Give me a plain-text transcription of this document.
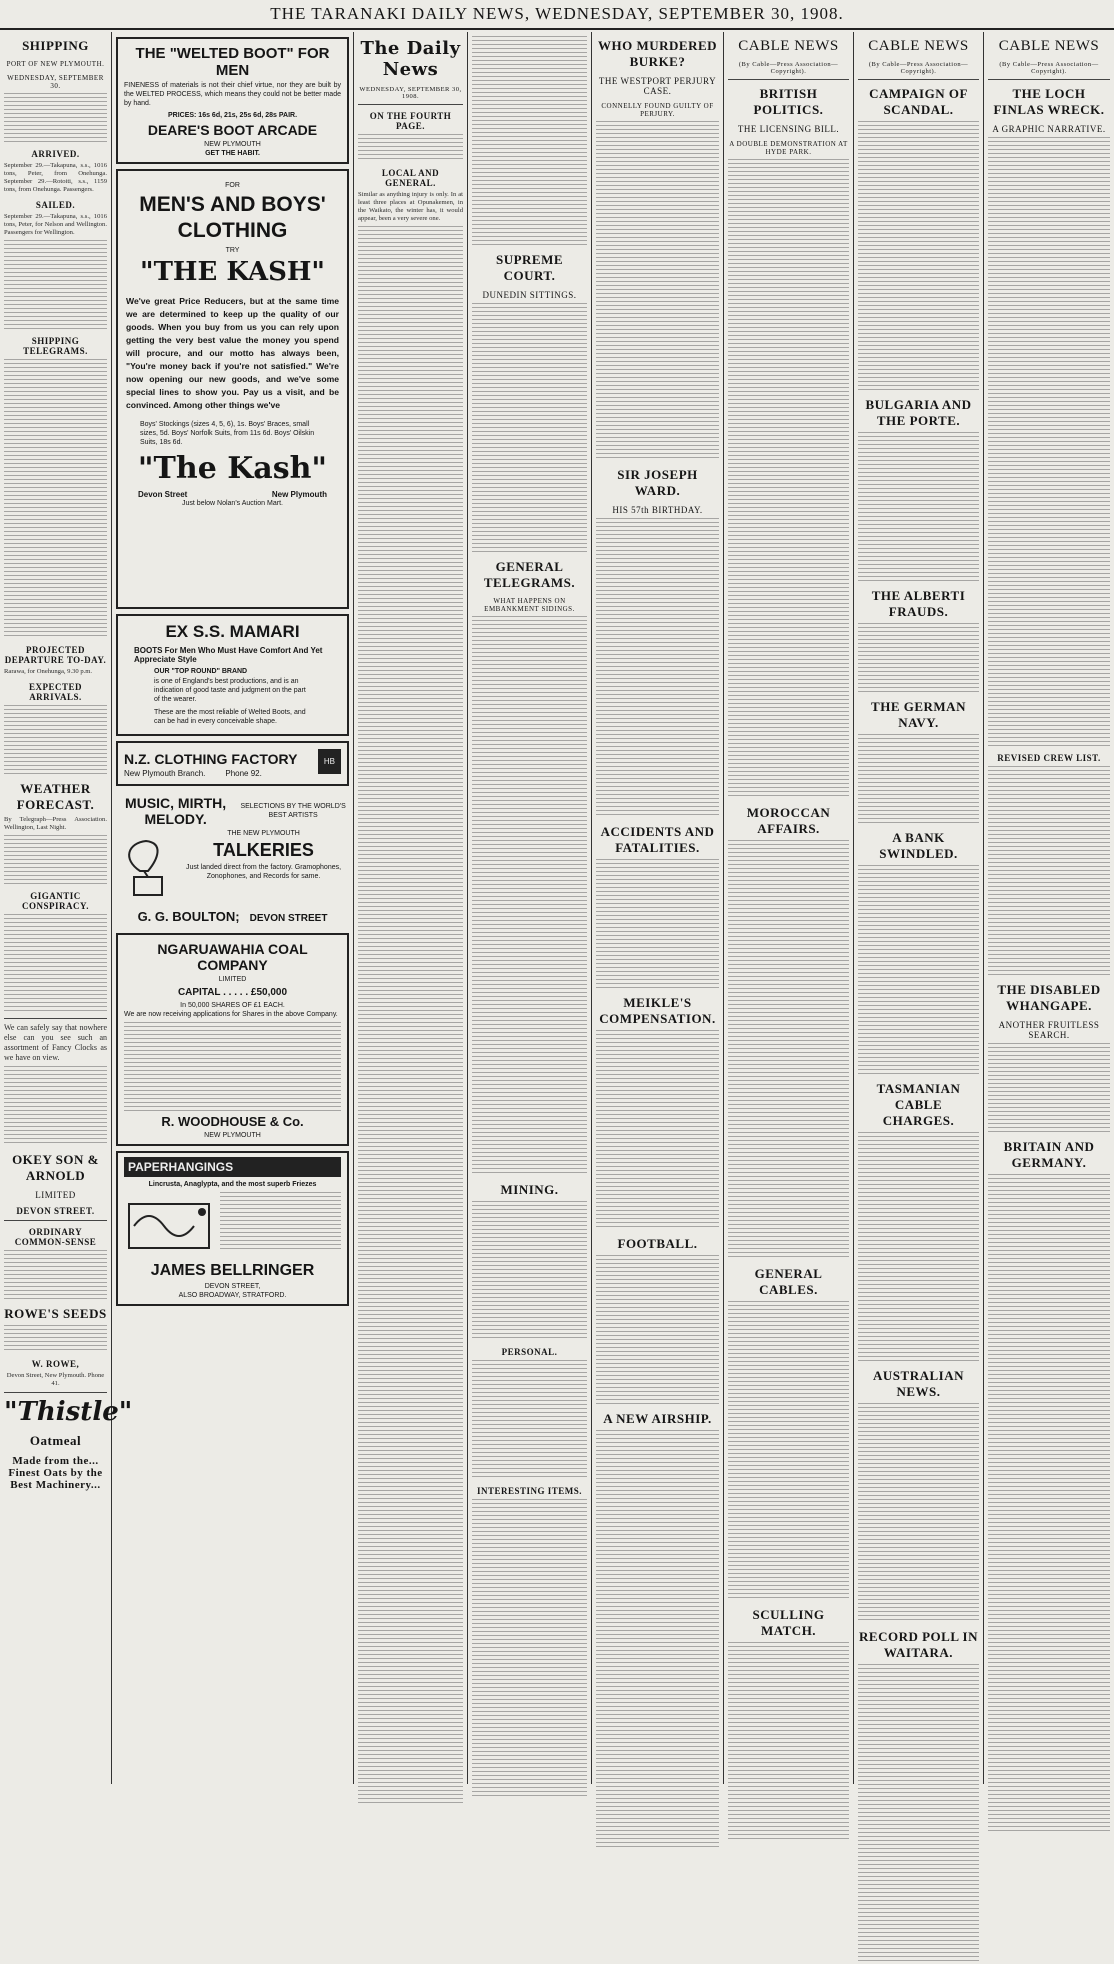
THE TARANAKI DAILY NEWS, WEDNESDAY, SEPTEMBER 30, 1908.
SHIPPING
PORT OF NEW PLYMOUTH.
WEDNESDAY, SEPTEMBER 30.
ARRIVED.

September 29.—Takapuna, s.s., 1016 tons, Peter, from Onehunga. September 29.—Rotoiti, s.s., 1159 tons, from Onehunga. Passengers.

SAILED.

September 29.—Takapuna, s.s., 1016 tons, Peter, for Nelson and Wellington. Passengers for Wellington.

SHIPPING TELEGRAMS.
PROJECTED DEPARTURE TO-DAY.

Rarawa, for Onehunga, 9.30 p.m.

EXPECTED ARRIVALS.
WEATHER FORECAST.

By Telegraph—Press Association. Wellington, Last Night.

GIGANTIC CONSPIRACY.

We can safely say that nowhere else can you see such an assortment of Fancy Clocks as we have on view.

OKEY SON & ARNOLD
LIMITED
DEVON STREET.
ORDINARY COMMON-SENSE
ROWE'S SEEDS
W. ROWE,

Devon Street, New Plymouth. Phone 41.

"Thistle"
Oatmeal
Made from the... Finest Oats by the Best Machinery...
THE "WELTED BOOT" FOR MEN
FINENESS of materials is not their chief virtue, nor they are built by the WELTED PROCESS, which means they could not be better made by hand.
PRICES: 16s 6d, 21s, 25s 6d, 28s PAIR.
DEARE'S BOOT ARCADE
NEW PLYMOUTH
GET THE HABIT.
FOR
MEN'S AND BOYS' CLOTHING
TRY
"THE KASH"
We've great Price Reducers, but at the same time we are determined to keep up the quality of our goods. When you buy from us you can rely upon getting the very best value the money you spend will procure, and our motto has always been, "You're money back if you're not satisfied." We're now opening our new goods, and we've some special lines to show you. Pay us a visit, and be convinced. Among other things we've
Boys' Stockings (sizes 4, 5, 6), 1s. Boys' Braces, small sizes, 5d. Boys' Norfolk Suits, from 11s 6d. Boys' Oilskin Suits, 18s 6d.
"The Kash"
Devon Street	New Plymouth
Just below Nolan's Auction Mart.
EX S.S. MAMARI
BOOTS For Men Who Must Have Comfort And Yet Appreciate Style
OUR "TOP ROUND" BRAND
is one of England's best productions, and is an indication of good taste and judgment on the part of the wearer.
These are the most reliable of Welted Boots, and can be had in every conceivable shape.
HB
N.Z. CLOTHING FACTORY
New Plymouth Branch.	Phone 92.
MUSIC, MIRTH, MELODY.
SELECTIONS BY THE WORLD'S BEST ARTISTS
THE NEW PLYMOUTH
TALKERIES
Just landed direct from the factory. Gramophones, Zonophones, and Records for same.
G. G. BOULTON; DEVON STREET
NGARUAWAHIA COAL COMPANY
LIMITED
CAPITAL . . . . . £50,000
In 50,000 SHARES OF £1 EACH.
We are now receiving applications for Shares in the above Company.
R. WOODHOUSE & Co.
NEW PLYMOUTH
PAPERHANGINGS
Lincrusta, Anaglypta, and the most superb Friezes
JAMES BELLRINGER
DEVON STREET,
ALSO BROADWAY, STRATFORD.
The Daily News
WEDNESDAY, SEPTEMBER 30, 1908.
ON THE FOURTH PAGE.
LOCAL AND GENERAL.

Similar as anything injury is only. In at least three places at Opunakemen, in the Waikato, the winter has, it would appear, been a very severe one.

SUPREME COURT.
DUNEDIN SITTINGS.
GENERAL TELEGRAMS.
WHAT HAPPENS ON EMBANKMENT SIDINGS.
MINING.
PERSONAL.
INTERESTING ITEMS.
WHO MURDERED BURKE?
THE WESTPORT PERJURY CASE.
CONNELLY FOUND GUILTY OF PERJURY.
SIR JOSEPH WARD.
HIS 57th BIRTHDAY.
ACCIDENTS AND FATALITIES.
MEIKLE'S COMPENSATION.
FOOTBALL.
A NEW AIRSHIP.
CABLE NEWS
(By Cable—Press Association—Copyright).
BRITISH POLITICS.
THE LICENSING BILL.
A DOUBLE DEMONSTRATION AT HYDE PARK.
MOROCCAN AFFAIRS.
GENERAL CABLES.
SCULLING MATCH.
CABLE NEWS
(By Cable—Press Association—Copyright).
CAMPAIGN OF SCANDAL.
BULGARIA AND THE PORTE.
THE ALBERTI FRAUDS.
THE GERMAN NAVY.
A BANK SWINDLED.
TASMANIAN CABLE CHARGES.
AUSTRALIAN NEWS.
RECORD POLL IN WAITARA.
CABLE NEWS
(By Cable—Press Association—Copyright).
THE LOCH FINLAS WRECK.
A GRAPHIC NARRATIVE.
REVISED CREW LIST.
THE DISABLED WHANGAPE.
ANOTHER FRUITLESS SEARCH.
BRITAIN AND GERMANY.
